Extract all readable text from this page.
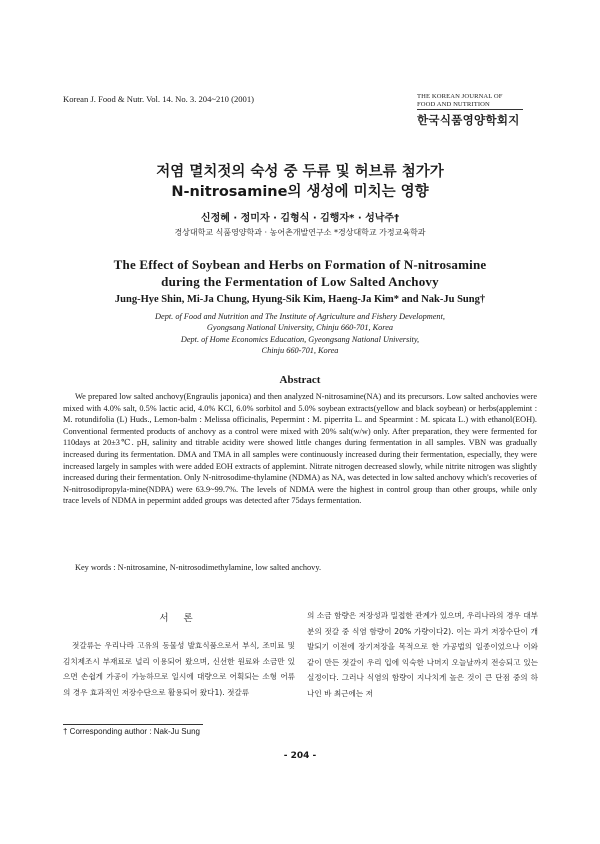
Korean J. Food & Nutr. Vol. 14. No. 3. 204~210 (2001)	THE KOREAN JOURNAL OF
FOOD AND NUTRITION
한국식품영양학회지
저염 멸치젓의 숙성 중 두류 및 허브류 첨가가
N-nitrosamine의 생성에 미치는 영향
신정혜 · 정미자 · 김형식 · 김행자* · 성낙주†
경상대학교 식품영양학과 · 농어촌개발연구소 *경상대학교 가정교육학과
The Effect of Soybean and Herbs on Formation of N-nitrosamine
during the Fermentation of Low Salted Anchovy
Jung-Hye Shin, Mi-Ja Chung, Hyung-Sik Kim, Haeng-Ja Kim* and Nak-Ju Sung†
Dept. of Food and Nutrition and The Institute of Agriculture and Fishery Development,
Gyongsang National University, Chinju 660-701, Korea
Dept. of Home Economics Education, Gyeongsang National University,
Chinju 660-701, Korea
Abstract
We prepared low salted anchovy(Engraulis japonica) and then analyzed N-nitrosamine(NA) and its precursors. Low salted anchovies were mixed with 4.0% salt, 0.5% lactic acid, 4.0% KCl, 6.0% sorbitol and 5.0% soybean extracts(yellow and black soybean) or herbs(applemint : M. rotundifolia (L) Huds., Lemon-balm : Melissa officinalis, Pepermint : M. piperrita L. and Spearmint : M. spicata L.) with ethanol(EOH). Conventional fermented products of anchovy as a control were mixed with 20% salt(w/w) only. After preparation, they were fermented for 110days at 20±3℃. pH, salinity and titrable acidity were showed little changes during fermentation in all samples. VBN was gradually increased during its fermentation. DMA and TMA in all samples were continuously increased during their fermentation, especially, they were increased largely in samples with were added EOH extracts of applemint. Nitrate nitrogen decreased slowly, while nitrite nitrogen was slightly increased during their fermentation. Only N-nitrosodime-thylamine (NDMA) as NA, was detected in low salted anchovy which's recoveries of N-nitrosodipropyla-mine(NDPA) were 63.9~99.7%. The levels of NDMA were the highest in control group than other groups, while only trace levels of NDMA in pepermint added groups was detected after 75days fermentation.
Key words : N-nitrosamine, N-nitrosodimethylamine, low salted anchovy.
서 론

젓갈류는 우리나라 고유의 동물성 발효식품으로서 부식, 조미료 및 김치제조시 부재료로 널리 이용되어 왔으며, 신선한 원료와 소금만 있으면 손쉽게 가공이 가능하므로 일시에 대량으로 어획되는 소형 어류의 경우 효과적인 저장수단으로 활용되어 왔다1). 젓갈류

의 소금 함량은 저장성과 밀접한 관계가 있으며, 우리나라의 경우 대부분의 젓갈 중 식염 함량이 20% 가량이다2). 이는 과거 저장수단이 개발되기 이전에 장기저장을 목적으로 한 가공법의 일종이었으나 이와 같이 만든 젓갈이 우리 입에 익숙한 나머지 오늘날까지 전승되고 있는 실정이다. 그러나 식염의 함량이 지나치게 높은 것이 큰 단점 중의 하나인 바 최근에는 저

† Corresponding author : Nak-Ju Sung
- 204 -
